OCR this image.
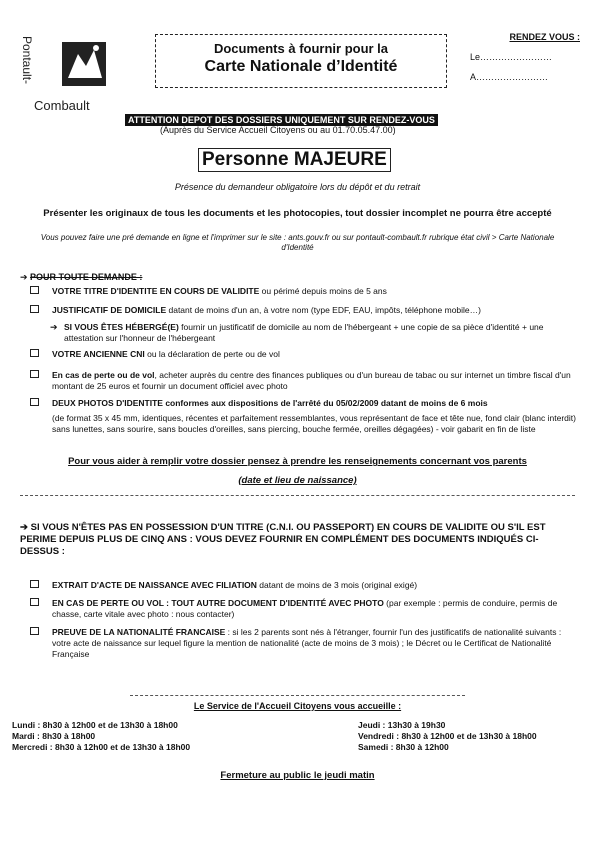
Pontault-
Combault
Documents à fournir pour la
Carte Nationale d’Identité
RENDEZ VOUS :
Le……………………
A……………………
ATTENTION DEPOT DES DOSSIERS UNIQUEMENT SUR RENDEZ-VOUS
(Auprès du Service Accueil Citoyens ou au 01.70.05.47.00)
Personne MAJEURE
Présence du demandeur obligatoire lors du dépôt et du retrait
Présenter les originaux de tous les documents et les photocopies, tout dossier incomplet ne pourra être accepté
Vous pouvez faire une pré demande en ligne et l'imprimer sur le site : ants.gouv.fr ou sur pontault-combault.fr rubrique état civil > Carte Nationale d'Identité
➔ POUR TOUTE DEMANDE :
VOTRE TITRE D'IDENTITE EN COURS DE VALIDITE ou périmé depuis moins de 5 ans
JUSTIFICATIF DE DOMICILE datant de moins d'un an, à votre nom (type EDF, EAU, impôts, téléphone mobile…)
➔ SI VOUS ÊTES HÉBERGÉ(E) fournir un justificatif de domicile au nom de l'hébergeant + une copie de sa pièce d'identité + une attestation sur l'honneur de l'hébergeant
VOTRE ANCIENNE CNI ou la déclaration de perte ou de vol
En cas de perte ou de vol, acheter auprès du centre des finances publiques ou d'un bureau de tabac ou sur internet un timbre fiscal d'un montant de 25 euros et fournir un document officiel avec photo
DEUX PHOTOS D'IDENTITE conformes aux dispositions de l'arrêté du 05/02/2009 datant de moins de 6 mois
(de format 35 x 45 mm, identiques, récentes et parfaitement ressemblantes, vous représentant de face et tête nue, fond clair (blanc interdit) sans lunettes, sans sourire, sans boucles d'oreilles, sans piercing, bouche fermée, oreilles dégagées) - voir gabarit en fin de liste
Pour vous aider à remplir votre dossier pensez à prendre les renseignements concernant vos parents
(date et lieu de naissance)
➔ SI VOUS N'ÊTES PAS EN POSSESSION D'UN TITRE (C.N.I. OU PASSEPORT) EN COURS DE VALIDITE OU S'IL EST PERIME DEPUIS PLUS DE CINQ ANS : VOUS DEVEZ FOURNIR EN COMPLÉMENT DES DOCUMENTS INDIQUÉS CI-DESSUS :
EXTRAIT D'ACTE DE NAISSANCE AVEC FILIATION datant de moins de 3 mois (original exigé)
EN CAS DE PERTE OU VOL : TOUT AUTRE DOCUMENT D'IDENTITÉ AVEC PHOTO (par exemple : permis de conduire, permis de chasse, carte vitale avec photo : nous contacter)
PREUVE DE LA NATIONALITÉ FRANCAISE : si les 2 parents sont nés à l'étranger, fournir l'un des justificatifs de nationalité suivants : votre acte de naissance sur lequel figure la mention de nationalité (acte de moins de 3 mois) ; le Décret ou le Certificat de Nationalité Française
Le Service de l'Accueil Citoyens vous accueille :
Lundi : 8h30 à 12h00 et de 13h30 à 18h00
Mardi : 8h30 à 18h00
Mercredi : 8h30 à 12h00 et de 13h30 à 18h00
Jeudi : 13h30 à 19h30
Vendredi : 8h30 à 12h00 et de 13h30 à 18h00
Samedi : 8h30 à 12h00
Fermeture au public le jeudi matin
